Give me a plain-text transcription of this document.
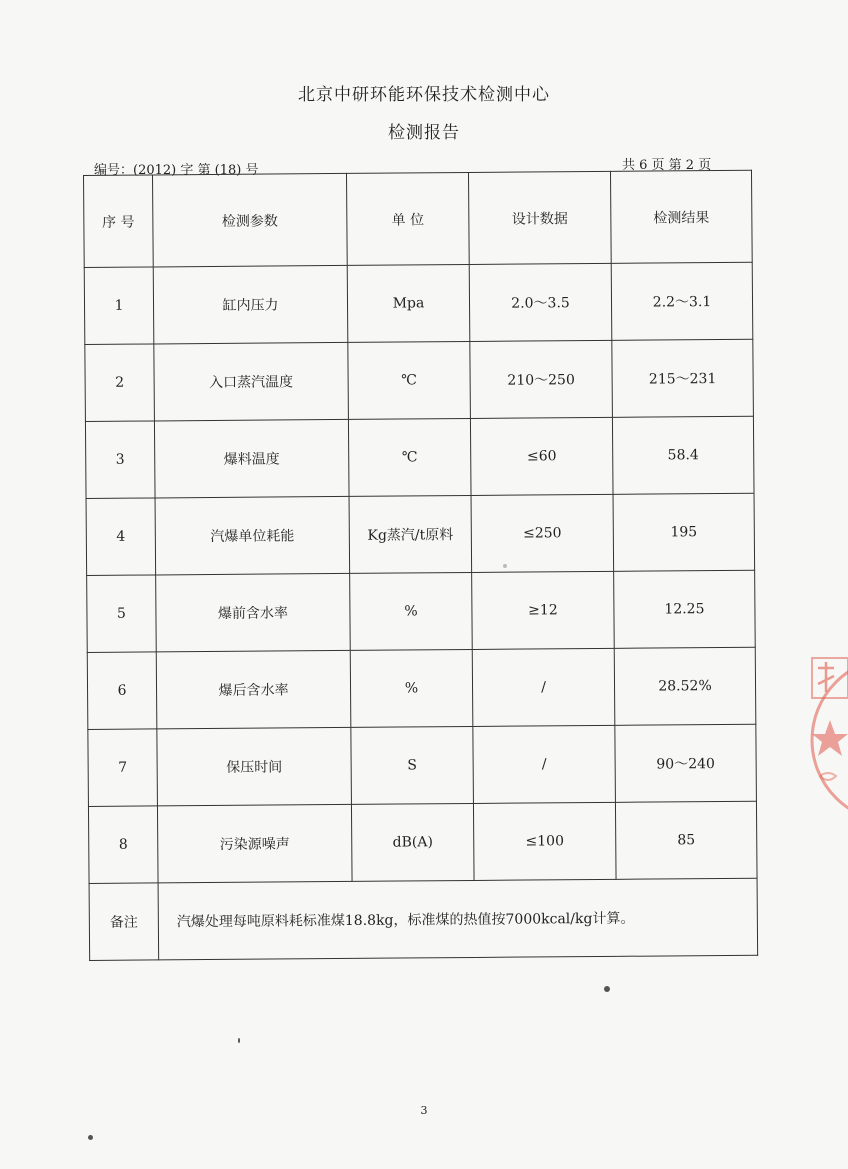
北京中研环能环保技术检测中心
检测报告
编号：(2012) 字 第 (18) 号	共 6 页 第 2 页
序 号	检测参数	单 位	设计数据	检测结果
1	缸内压力	Mpa	2.0～3.5	2.2～3.1
2	入口蒸汽温度	℃	210～250	215～231
3	爆料温度	℃	≤60	58.4
4	汽爆单位耗能	Kg蒸汽/t原料	≤250	195
5	爆前含水率	%	≥12	12.25
6	爆后含水率	%	/	28.52%
7	保压时间	S	/	90～240
8	污染源噪声	dB(A)	≤100	85
备注	汽爆处理每吨原料耗标准煤18.8kg，标准煤的热值按7000kcal/kg计算。			
3
